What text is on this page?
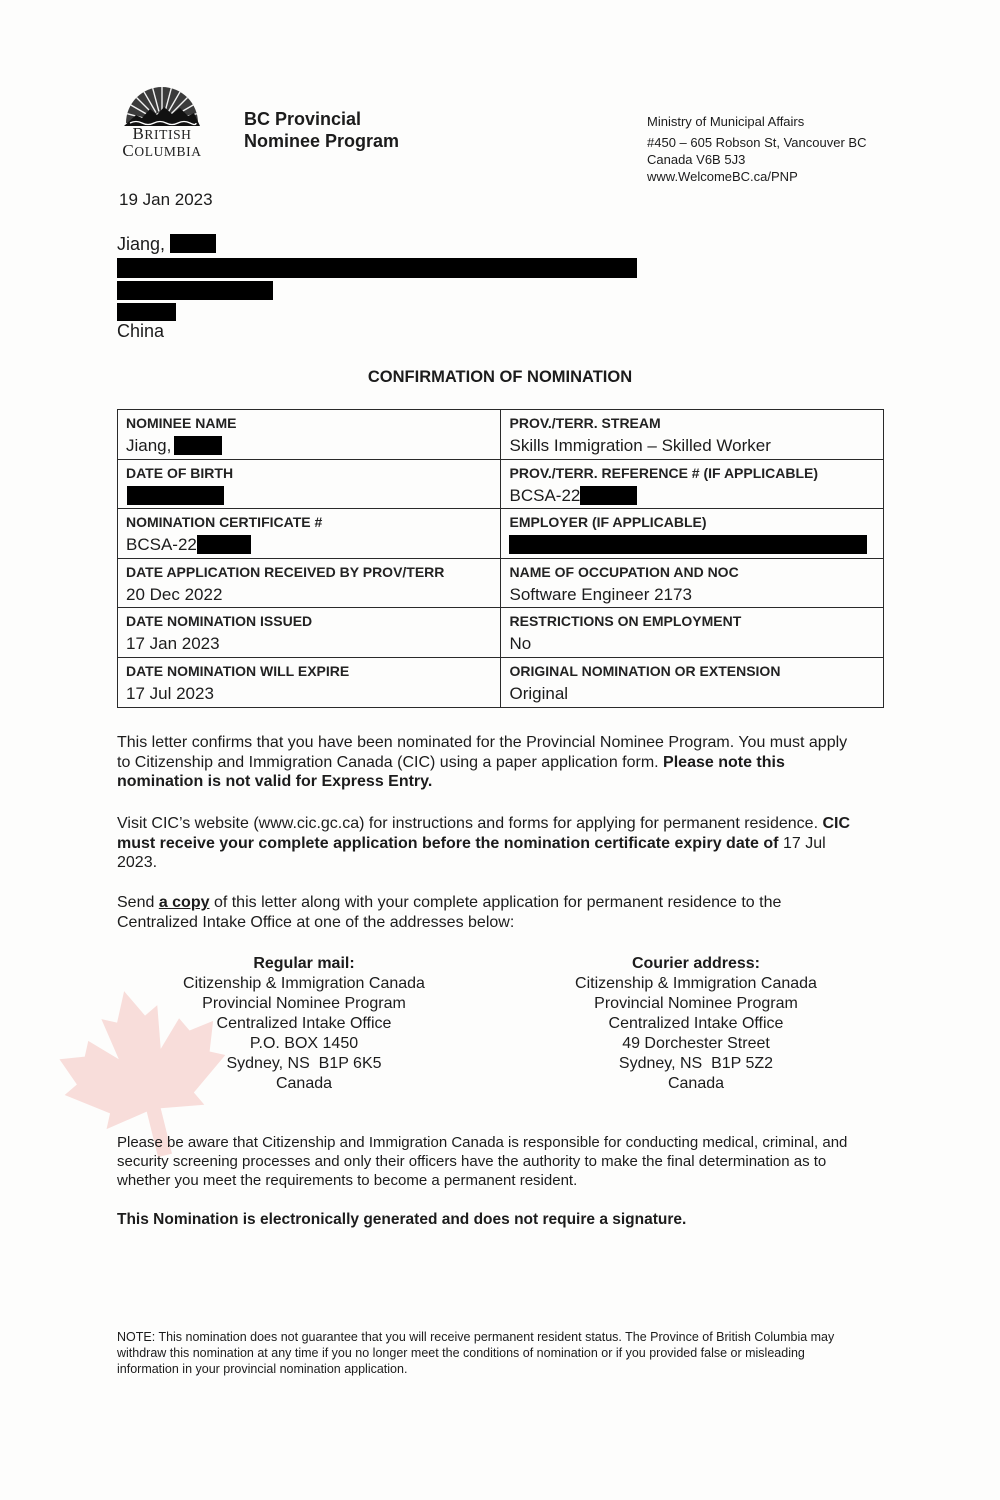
BRITISH
COLUMBIA
BC Provincial
Nominee Program
Ministry of Municipal Affairs
#450 – 605 Robson St, Vancouver BC
Canada V6B 5J3
www.WelcomeBC.ca/PNP
19 Jan 2023
Jiang,
China
CONFIRMATION OF NOMINATION
NOMINEE NAME
Jiang,
PROV./TERR. STREAM
Skills Immigration – Skilled Worker
DATE OF BIRTH	PROV./TERR. REFERENCE # (IF APPLICABLE)
BCSA-22
NOMINATION CERTIFICATE #
BCSA-22
EMPLOYER (IF APPLICABLE)
DATE APPLICATION RECEIVED BY PROV/TERR
20 Dec 2022
NAME OF OCCUPATION AND NOC
Software Engineer 2173
DATE NOMINATION ISSUED
17 Jan 2023
RESTRICTIONS ON EMPLOYMENT
No
DATE NOMINATION WILL EXPIRE
17 Jul 2023
ORIGINAL NOMINATION OR EXTENSION
Original
This letter confirms that you have been nominated for the Provincial Nominee Program. You must apply
to Citizenship and Immigration Canada (CIC) using a paper application form. Please note this
nomination is not valid for Express Entry.
Visit CIC’s website (www.cic.gc.ca) for instructions and forms for applying for permanent residence. CIC
must receive your complete application before the nomination certificate expiry date of 17 Jul
2023.
Send a copy of this letter along with your complete application for permanent residence to the
Centralized Intake Office at one of the addresses below:
Regular mail:
Citizenship & Immigration Canada
Provincial Nominee Program
Centralized Intake Office
P.O. BOX 1450
Sydney, NS  B1P 6K5
Canada
Courier address:
Citizenship & Immigration Canada
Provincial Nominee Program
Centralized Intake Office
49 Dorchester Street
Sydney, NS  B1P 5Z2
Canada
Please be aware that Citizenship and Immigration Canada is responsible for conducting medical, criminal, and
security screening processes and only their officers have the authority to make the final determination as to
whether you meet the requirements to become a permanent resident.
This Nomination is electronically generated and does not require a signature.
NOTE: This nomination does not guarantee that you will receive permanent resident status. The Province of British Columbia may
withdraw this nomination at any time if you no longer meet the conditions of nomination or if you provided false or misleading
information in your provincial nomination application.
